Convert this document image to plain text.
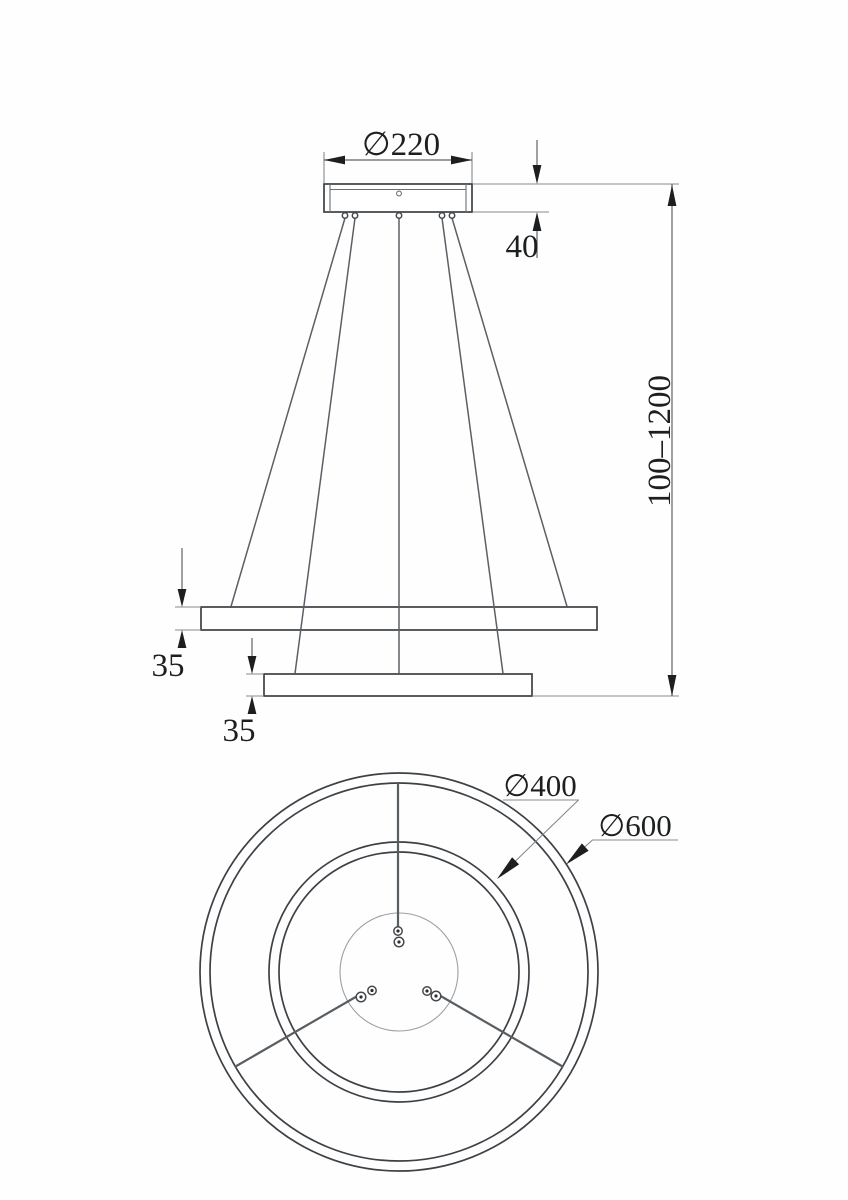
∅220
40
100–1200
35
35
∅400
∅600
